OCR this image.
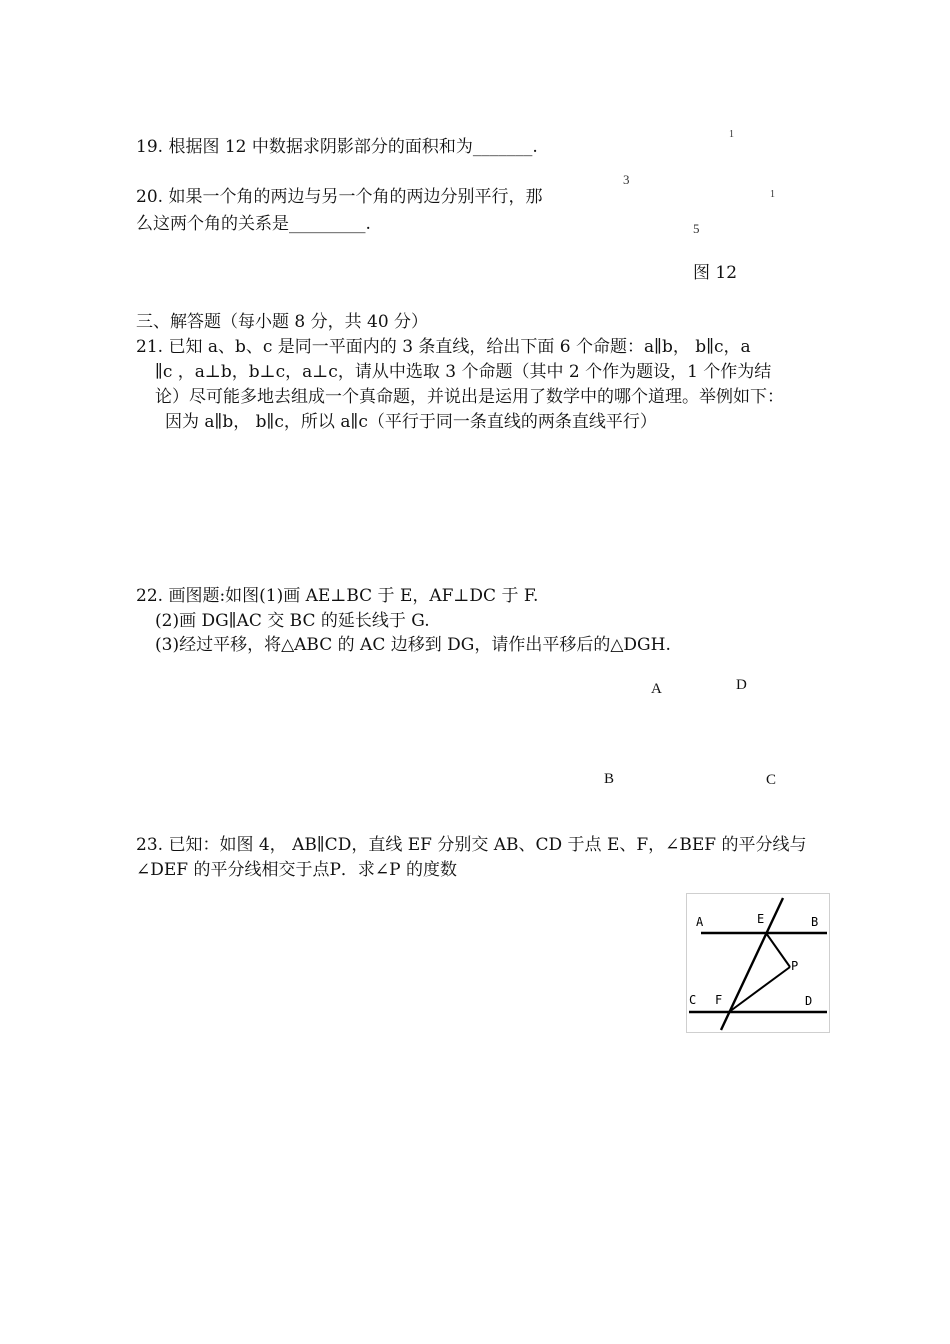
19. 根据图 12 中数据求阴影部分的面积和为_______.
1
3
1
5
图 12
20. 如果一个角的两边与另一个角的两边分别平行，那
么这两个角的关系是_________.
三、解答题（每小题 8 分，共 40 分）
21. 已知 a、b、c 是同一平面内的 3 条直线，给出下面 6 个命题：a∥b， b∥c，a
∥c ，a⊥b，b⊥c，a⊥c，请从中选取 3 个命题（其中 2 个作为题设，1 个作为结
论）尽可能多地去组成一个真命题，并说出是运用了数学中的哪个道理。举例如下：
因为 a∥b， b∥c，所以 a∥c（平行于同一条直线的两条直线平行）
22. 画图题:如图(1)画 AE⊥BC 于 E，AF⊥DC 于 F.
(2)画 DG∥AC 交 BC 的延长线于 G.
(3)经过平移，将△ABC 的 AC 边移到 DG，请作出平移后的△DGH.
A	D
B	C
23. 已知：如图 4， AB∥CD，直线 EF 分别交 AB、CD 于点 E、F，∠BEF 的平分线与
∠DEF 的平分线相交于点P．求∠P 的度数
A	E	B
P
C F	D
